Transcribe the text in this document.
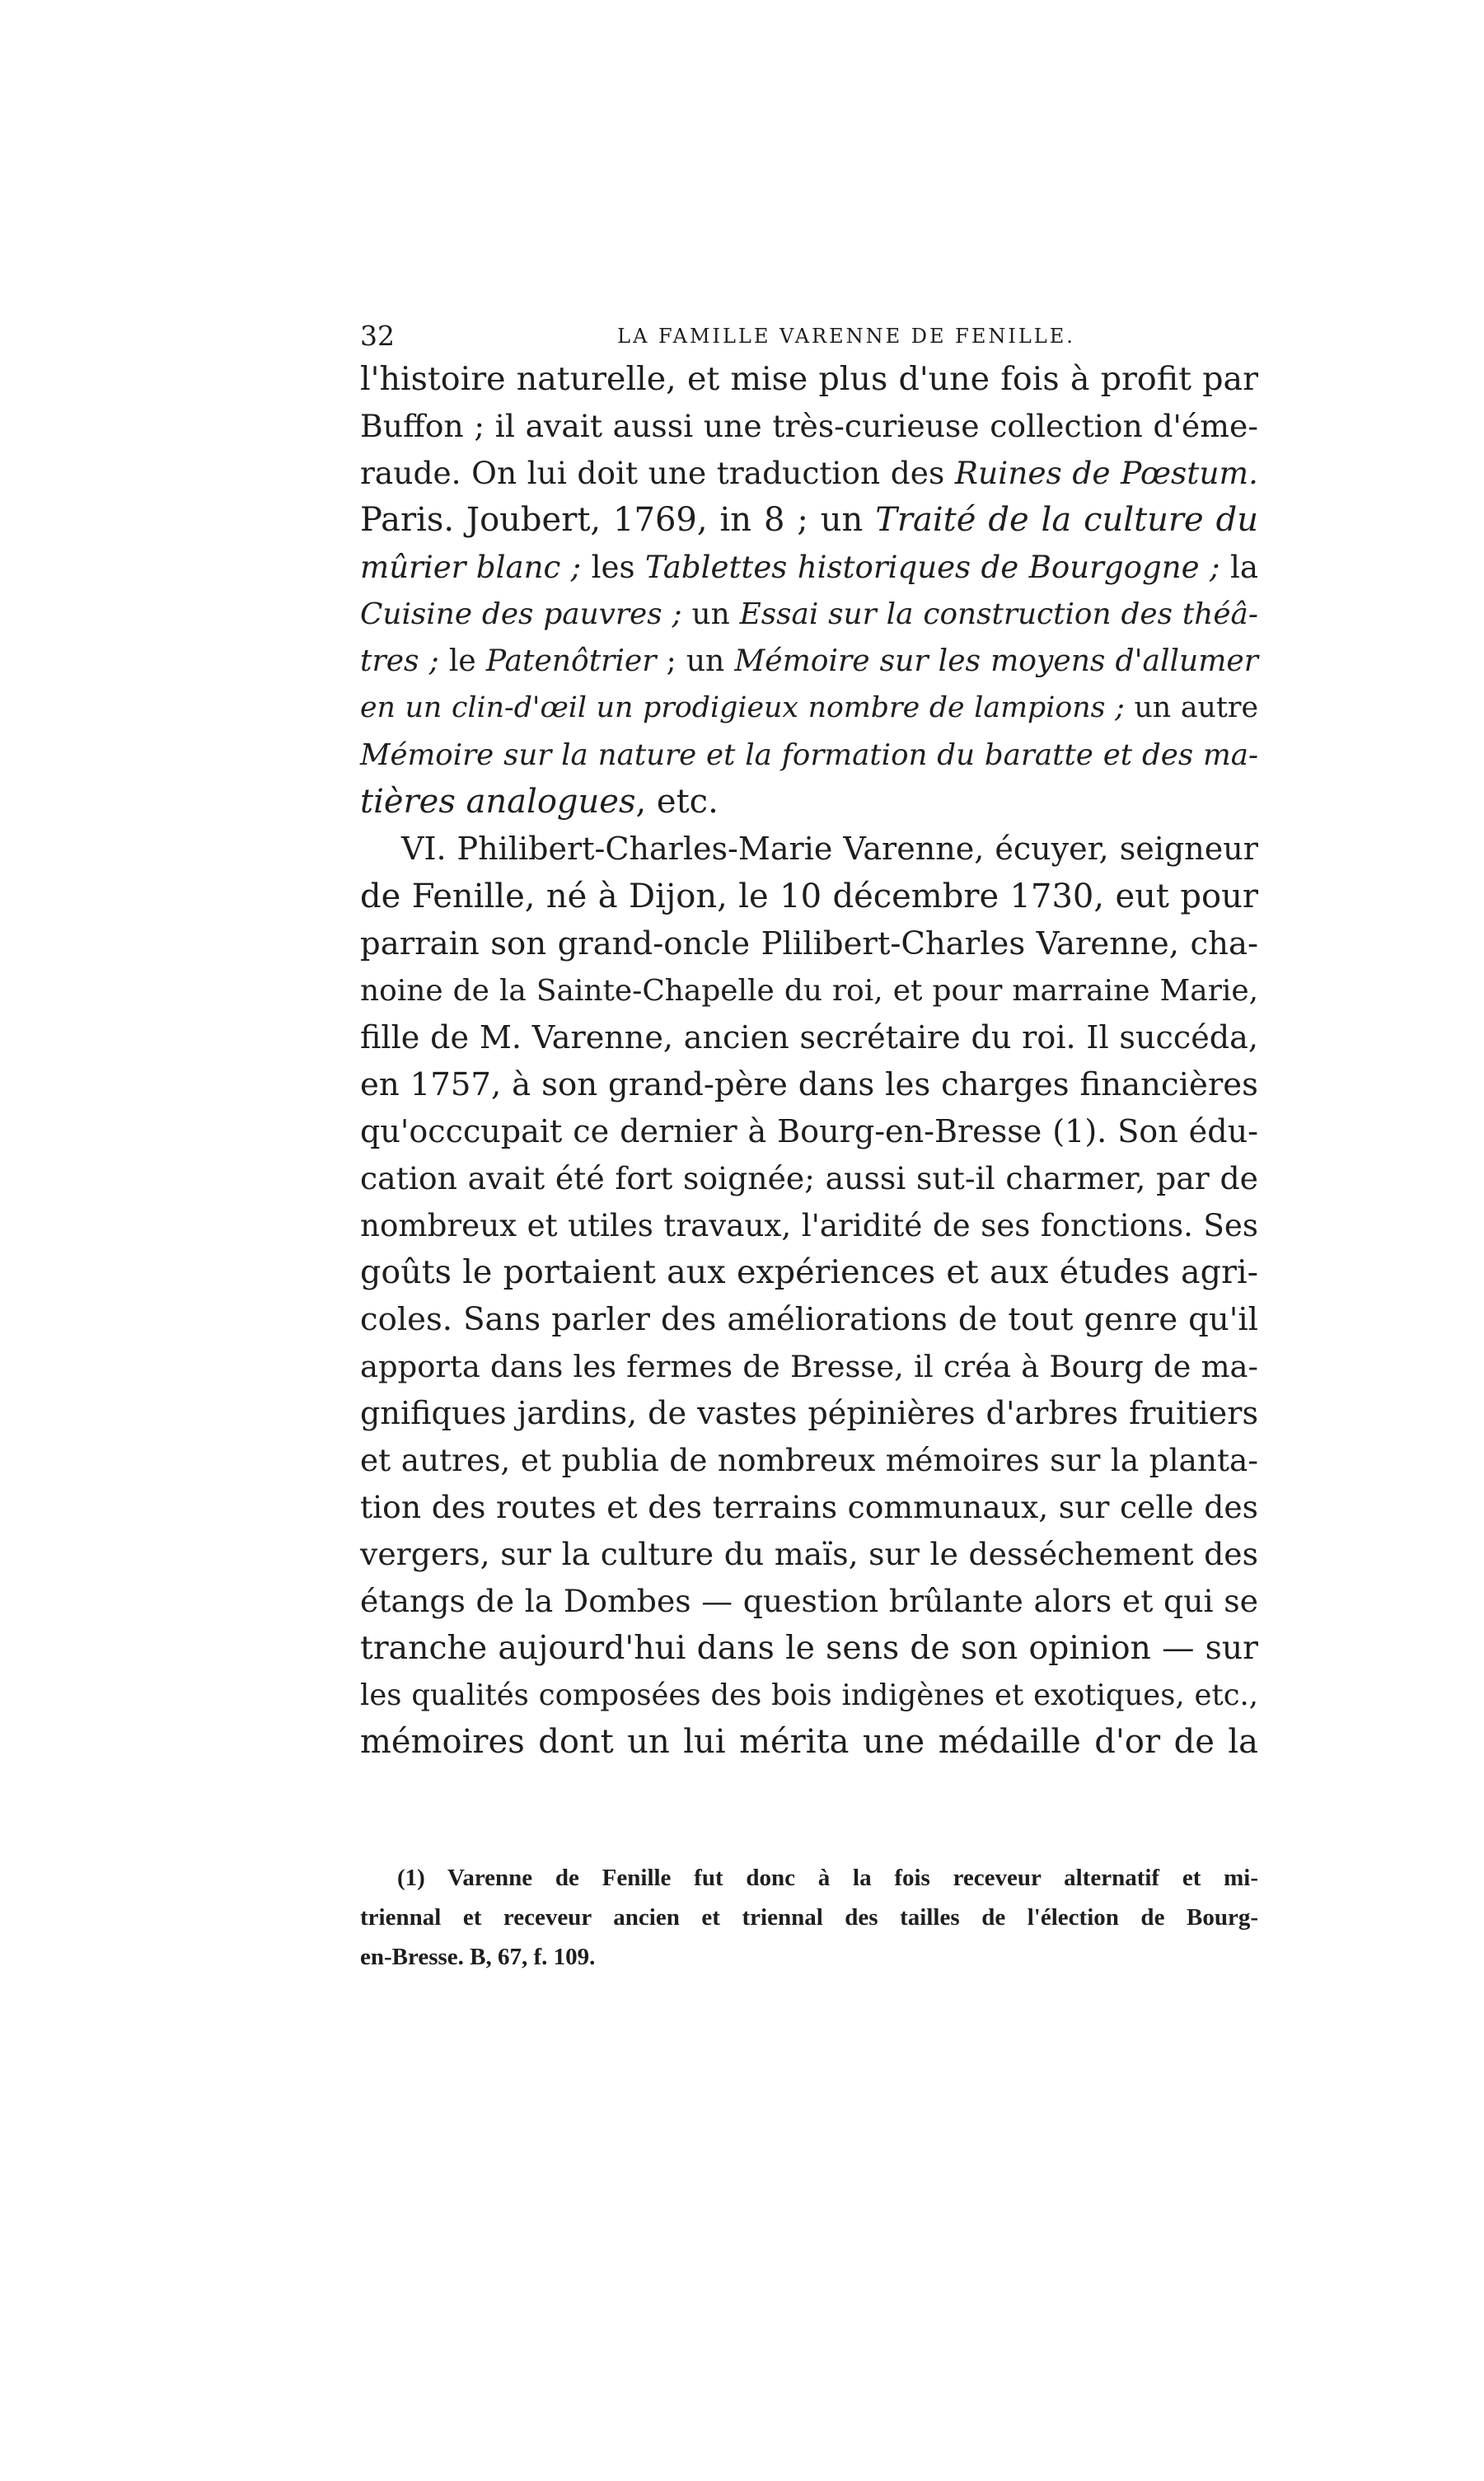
32	LA FAMILLE VARENNE DE FENILLE.
l'histoire naturelle, et mise plus d'une fois à profit par
Buffon ; il avait aussi une très-curieuse collection d'éme-
raude. On lui doit une traduction des Ruines de Pœstum.
Paris. Joubert, 1769, in 8 ; un Traité de la culture du
mûrier blanc ; les Tablettes historiques de Bourgogne ; la
Cuisine des pauvres ; un Essai sur la construction des théâ-
tres ; le Patenôtrier ; un Mémoire sur les moyens d'allumer
en un clin-d'œil un prodigieux nombre de lampions ; un autre
Mémoire sur la nature et la formation du baratte et des ma-
tières analogues, etc.
VI. Philibert-Charles-Marie Varenne, écuyer, seigneur
de Fenille, né à Dijon, le 10 décembre 1730, eut pour
parrain son grand-oncle Plilibert-Charles Varenne, cha-
noine de la Sainte-Chapelle du roi, et pour marraine Marie,
fille de M. Varenne, ancien secrétaire du roi. Il succéda,
en 1757, à son grand-père dans les charges financières
qu'occcupait ce dernier à Bourg-en-Bresse (1). Son édu-
cation avait été fort soignée; aussi sut-il charmer, par de
nombreux et utiles travaux, l'aridité de ses fonctions. Ses
goûts le portaient aux expériences et aux études agri-
coles. Sans parler des améliorations de tout genre qu'il
apporta dans les fermes de Bresse, il créa à Bourg de ma-
gnifiques jardins, de vastes pépinières d'arbres fruitiers
et autres, et publia de nombreux mémoires sur la planta-
tion des routes et des terrains communaux, sur celle des
vergers, sur la culture du maïs, sur le desséchement des
étangs de la Dombes — question brûlante alors et qui se
tranche aujourd'hui dans le sens de son opinion — sur
les qualités composées des bois indigènes et exotiques, etc.,
mémoires dont un lui mérita une médaille d'or de la
(1) Varenne de Fenille fut donc à la fois receveur alternatif et mi-
triennal et receveur ancien et triennal des tailles de l'élection de Bourg-
en-Bresse. B, 67, f. 109.
